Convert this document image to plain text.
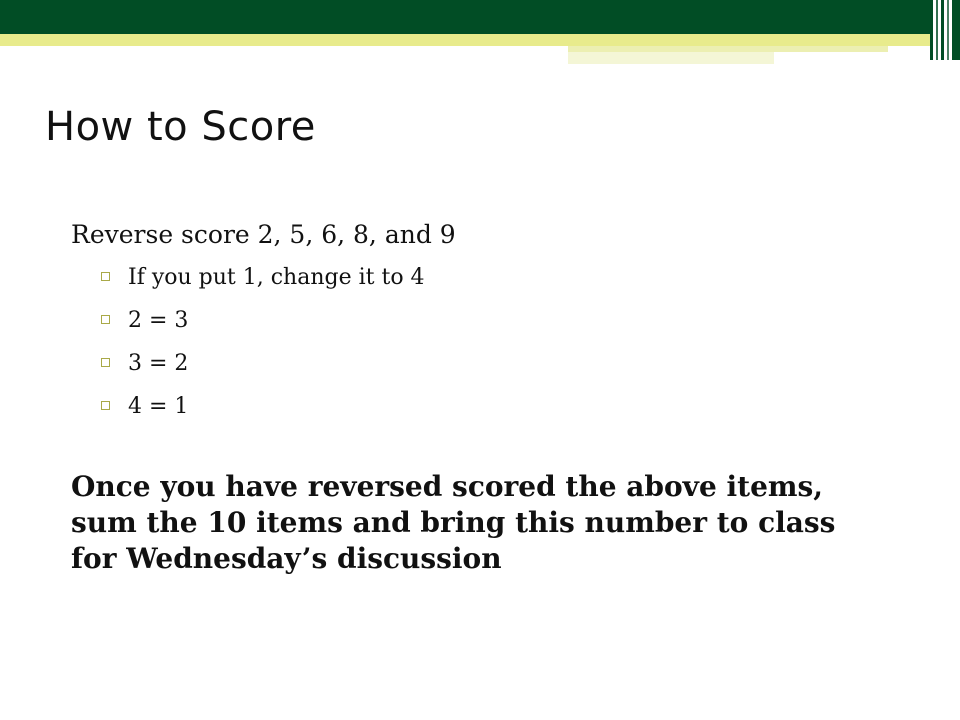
How to Score

Reverse score 2, 5, 6, 8, and 9

If you put 1, change it to 4
2 = 3
3 = 2
4 = 1

Once you have reversed scored the above items, sum the 10 items and bring this number to class for Wednesday’s discussion
